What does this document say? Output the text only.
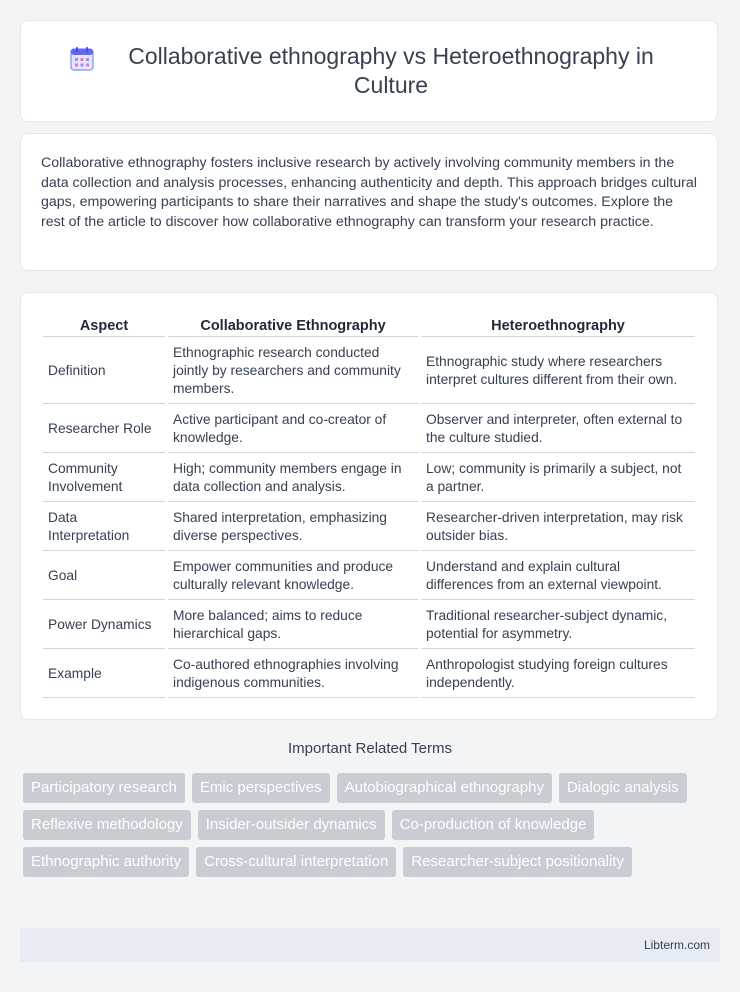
Collaborative ethnography vs Heteroethnography in Culture

Collaborative ethnography fosters inclusive research by actively involving community members in the data collection and analysis processes, enhancing authenticity and depth. This approach bridges cultural gaps, empowering participants to share their narratives and shape the study's outcomes. Explore the rest of the article to discover how collaborative ethnography can transform your research practice.

Aspect	Collaborative Ethnography	Heteroethnography
Definition	Ethnographic research conducted jointly by researchers and community members.	Ethnographic study where researchers interpret cultures different from their own.
Researcher Role	Active participant and co-creator of knowledge.	Observer and interpreter, often external to the culture studied.
Community Involvement	High; community members engage in data collection and analysis.	Low; community is primarily a subject, not a partner.
Data Interpretation	Shared interpretation, emphasizing diverse perspectives.	Researcher-driven interpretation, may risk outsider bias.
Goal	Empower communities and produce culturally relevant knowledge.	Understand and explain cultural differences from an external viewpoint.
Power Dynamics	More balanced; aims to reduce hierarchical gaps.	Traditional researcher-subject dynamic, potential for asymmetry.
Example	Co-authored ethnographies involving indigenous communities.	Anthropologist studying foreign cultures independently.
Important Related Terms
Participatory research	Emic perspectives	Autobiographical ethnography	Dialogic analysis
Reflexive methodology	Insider-outsider dynamics	Co-production of knowledge
Ethnographic authority	Cross-cultural interpretation	Researcher-subject positionality
Libterm.com
